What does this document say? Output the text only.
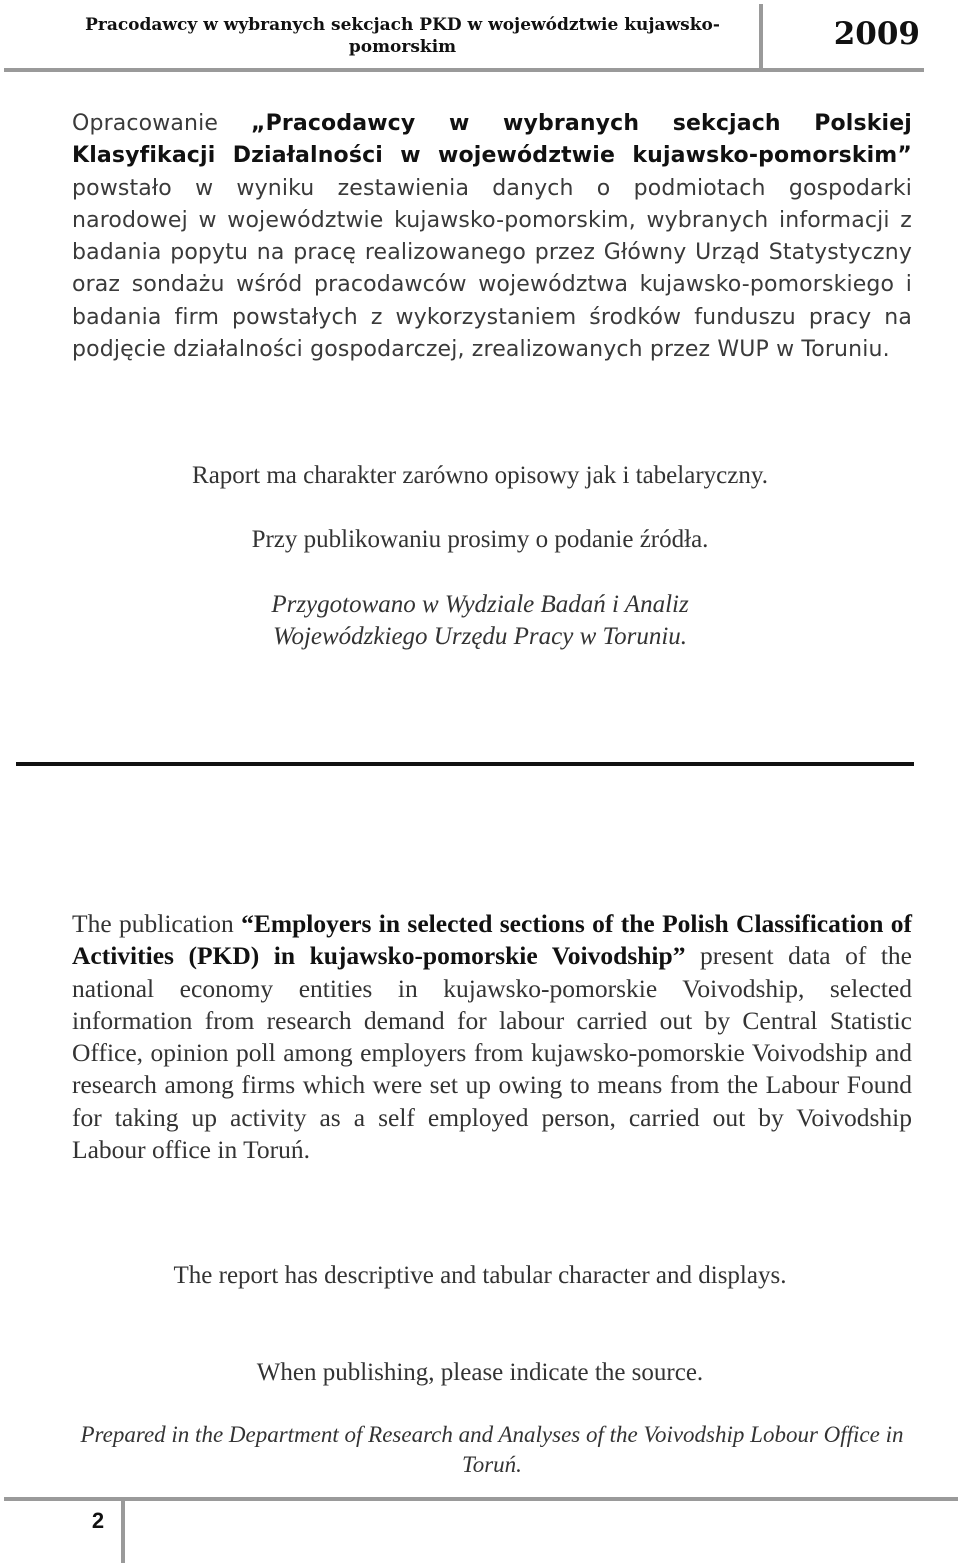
Pracodawcy w wybranych sekcjach PKD w województwie kujawsko-pomorskim	2009
Opracowanie „Pracodawcy w wybranych sekcjach Polskiej Klasyfikacji Działalności w województwie kujawsko-pomorskim” powstało w wyniku zestawienia danych o podmiotach gospodarki narodowej w województwie kujawsko-pomorskim, wybranych informacji z badania popytu na pracę realizowanego przez Główny Urząd Statystyczny oraz sondażu wśród pracodawców województwa kujawsko-pomorskiego i badania firm powstałych z wykorzystaniem środków funduszu pracy na podjęcie działalności gospodarczej, zrealizowanych przez WUP w Toruniu.
Raport ma charakter zarówno opisowy jak i tabelaryczny.
Przy publikowaniu prosimy o podanie źródła.
Przygotowano w Wydziale Badań i Analiz
Wojewódzkiego Urzędu Pracy w Toruniu.
The publication “Employers in selected sections of the Polish Classification of Activities (PKD) in kujawsko-pomorskie Voivodship” present data of the national economy entities in kujawsko-pomorskie Voivodship, selected information from research demand for labour carried out by Central Statistic Office, opinion poll among employers from kujawsko-pomorskie Voivodship and research among firms which were set up owing to means from the Labour Found for taking up activity as a self employed person, carried out by Voivodship Labour office in Toruń.
The report has descriptive and tabular character and displays.
When publishing, please indicate the source.
Prepared in the Department of Research and Analyses of the Voivodship Lobour Office in Toruń.
2
